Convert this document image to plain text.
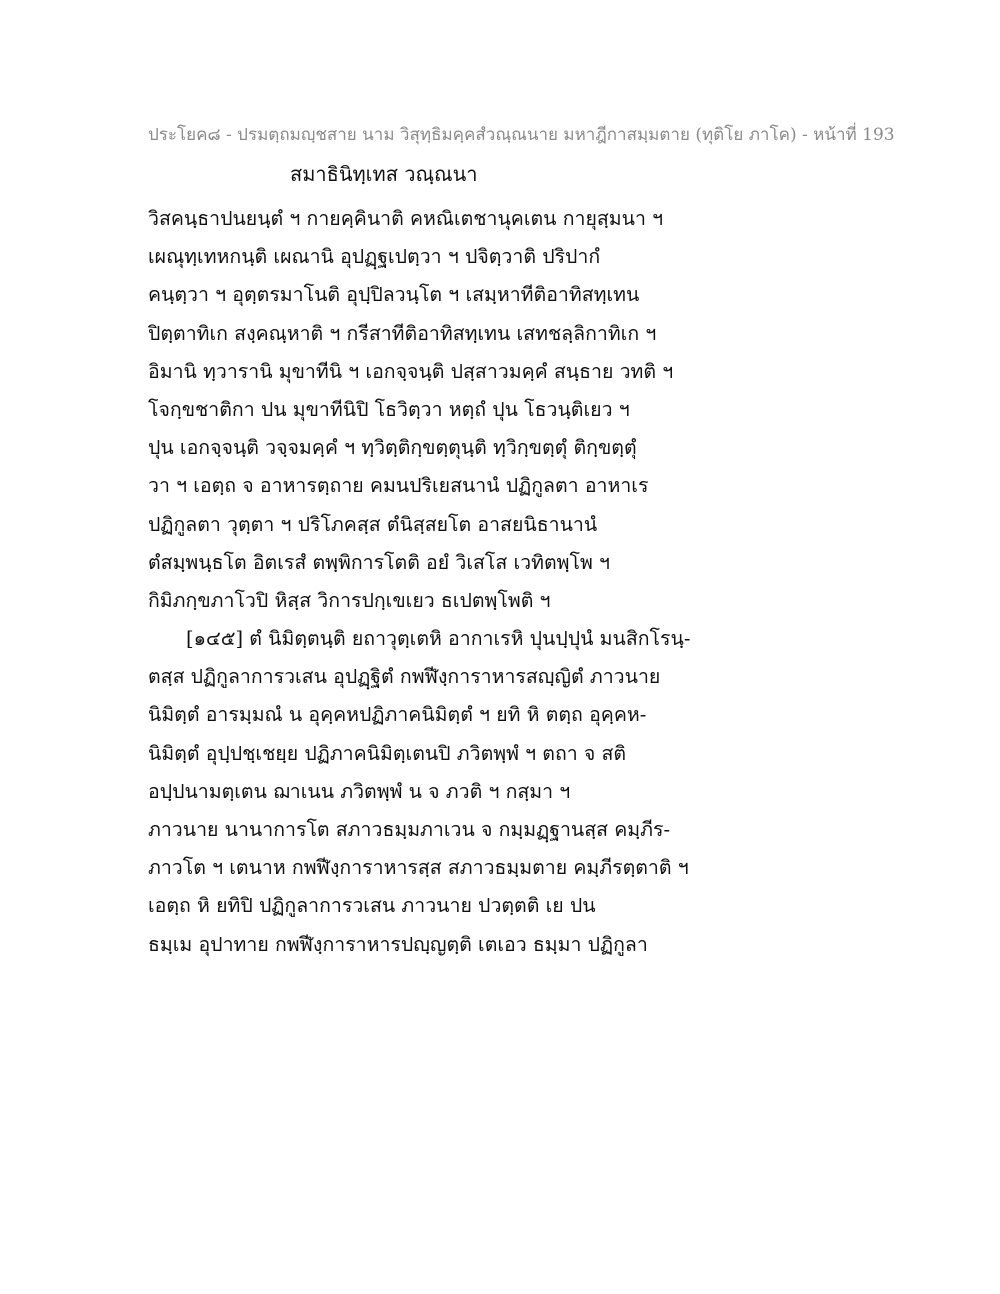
ประโยค๘ - ปรมตฺถมญฺชสาย นาม วิสุทฺธิมคฺคสํวณฺณนาย มหาฎีกาสมฺมตาย (ทุติโย ภาโค) - หน้าที่ 193
สมาธินิทฺเทส วณฺณนา
วิสคนฺธาปนยนฺตํ ฯ กายคฺคินาติ คหณิเตชานุคเตน กายุสฺมนา ฯ
เผณุทฺเทหกนฺติ เผณานิ อุปฏฺฐเปตฺวา ฯ ปจิตฺวาติ ปริปากํ
คนฺตฺวา ฯ อุตฺตรมาโนติ อุปฺปิลวนฺโต ฯ เสมฺหาทีติอาทิสทฺเทน
ปิตฺตาทิเก สงฺคณฺหาติ ฯ กรีสาทีติอาทิสทฺเทน เสทชลฺลิกาทิเก ฯ
อิมานิ ทฺวารานิ มุขาทีนิ ฯ เอกจฺจนฺติ ปสฺสาวมคฺคํ สนฺธาย วทติ ฯ
โจกฺขชาติกา ปน มุขาทีนิปิ โธวิตฺวา หตฺถํ ปุน โธวนฺติเยว ฯ
ปุน เอกจฺจนฺติ วจฺจมคฺคํ ฯ ทฺวิตฺติกฺขตฺตุนฺติ ทฺวิกฺขตฺตุํ ติกฺขตฺตุํ
วา ฯ เอตฺถ จ อาหารตฺถาย คมนปริเยสนานํ ปฏิกูลตา อาหาเร
ปฏิกูลตา วุตฺตา ฯ ปริโภคสฺส ตํนิสฺสยโต อาสยนิธานานํ
ตํสมฺพนฺธโต อิตเรสํ ตพฺพิการโตติ อยํ วิเสโส เวทิตพฺโพ ฯ
กิมิภกฺขภาโวปิ หิสฺส วิการปกฺเขเยว ธเปตพฺโพติ ฯ
[๑๔๕] ตํ นิมิตฺตนฺติ ยถาวุตฺเตหิ อากาเรหิ ปุนปฺปุนํ มนสิกโรนฺ-
ตสฺส ปฏิกูลาการวเสน อุปฏฺฐิตํ กพฬีงฺการาหารสญฺญิตํ ภาวนาย
นิมิตฺตํ อารมฺมณํ น อุคฺคหปฏิภาคนิมิตฺตํ ฯ ยทิ หิ ตตฺถ อุคฺคห-
นิมิตฺตํ อุปฺปชฺเชยฺย ปฏิภาคนิมิตฺเตนปิ ภวิตพฺพํ ฯ ตถา จ สติ
อปฺปนามตฺเตน ฌาเนน ภวิตพฺพํ น จ ภวติ ฯ กสฺมา ฯ
ภาวนาย นานาการโต สภาวธมฺมภาเวน จ กมฺมฏฺฐานสฺส คมฺภีร-
ภาวโต ฯ เตนาห กพฬีงฺการาหารสฺส สภาวธมฺมตาย คมฺภีรตฺตาติ ฯ
เอตฺถ หิ ยทิปิ ปฏิกูลาการวเสน ภาวนาย ปวตฺตติ เย ปน
ธมฺเม อุปาทาย กพฬีงฺการาหารปญฺญตฺติ เตเอว ธมฺมา ปฏิกูลา
